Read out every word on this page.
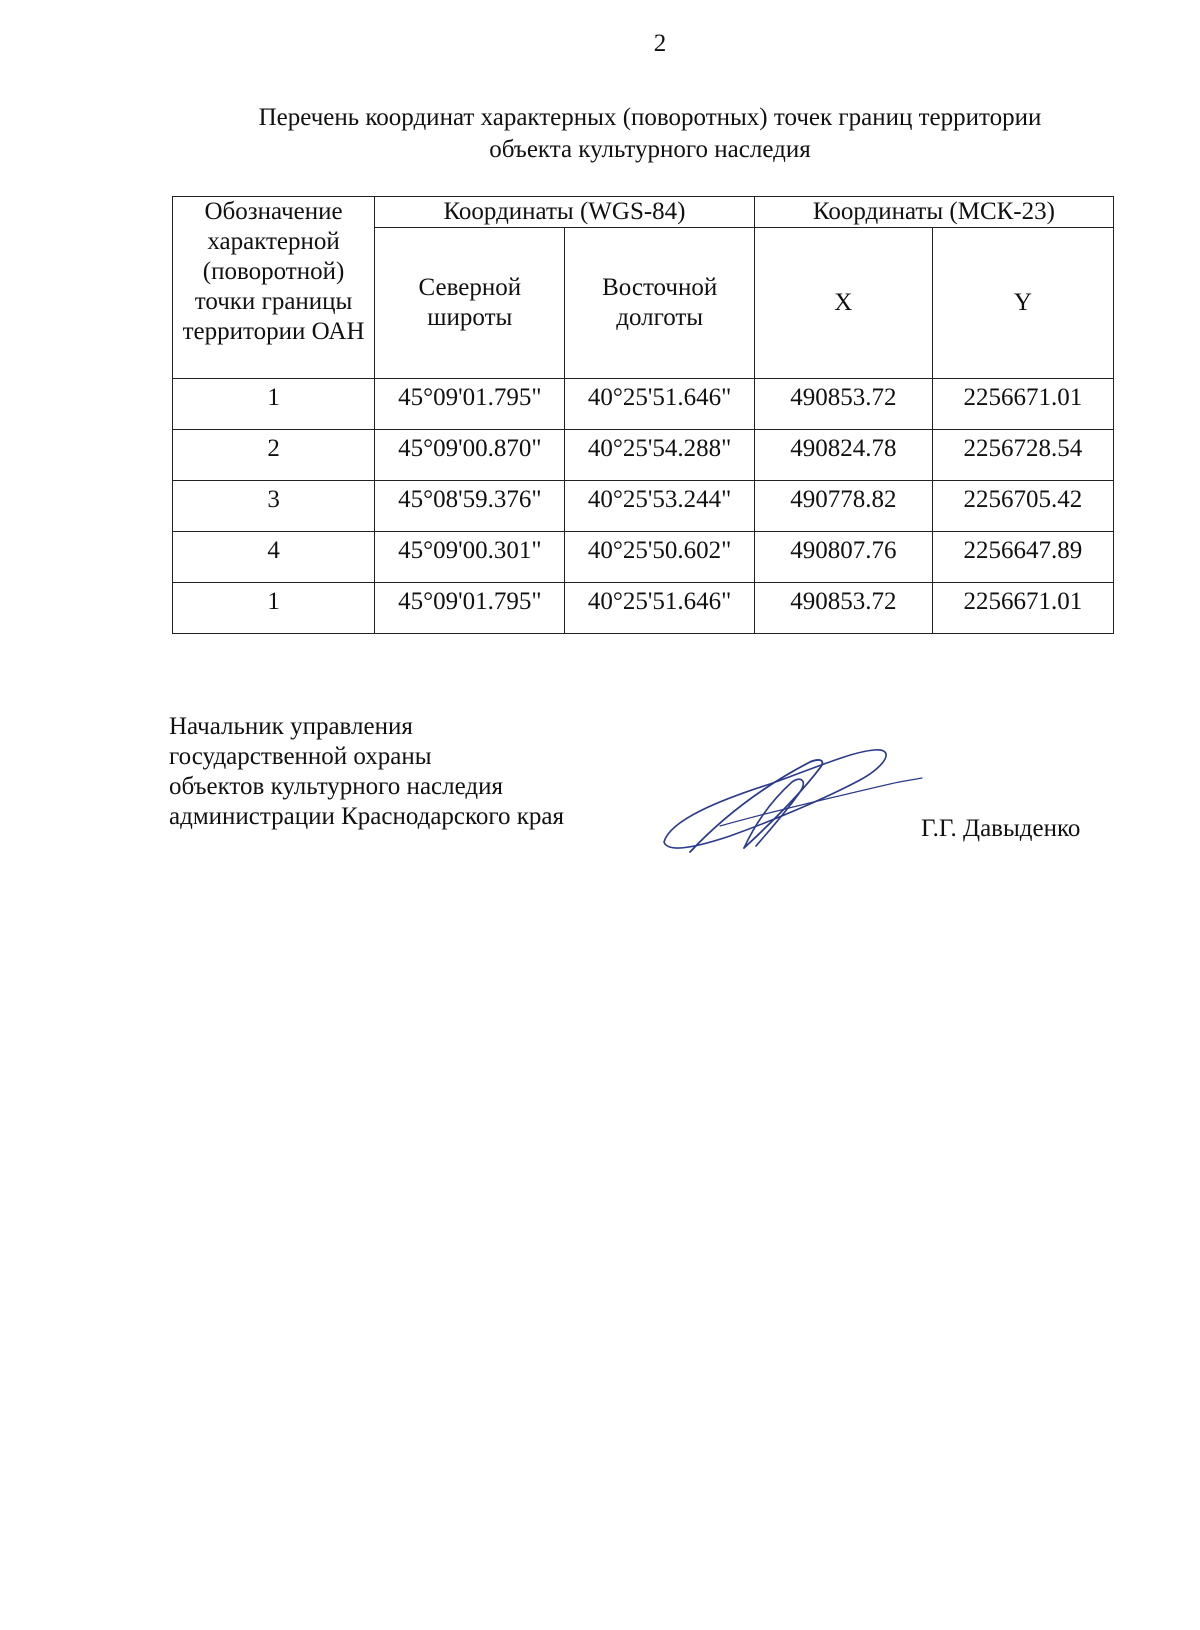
2
Перечень координат характерных (поворотных) точек границ территории
объекта культурного наследия
Обозначение характерной (поворотной) точки границы территории ОАН	Координаты (WGS-84)		Координаты (МСК-23)	
	Северной широты	Восточной долготы	X	Y
1	45°09'01.795"	40°25'51.646"	490853.72	2256671.01
2	45°09'00.870"	40°25'54.288"	490824.78	2256728.54
3	45°08'59.376"	40°25'53.244"	490778.82	2256705.42
4	45°09'00.301"	40°25'50.602"	490807.76	2256647.89
1	45°09'01.795"	40°25'51.646"	490853.72	2256671.01
Начальник управления
государственной охраны
объектов культурного наследия
администрации Краснодарского края	Г.Г. Давыденко
